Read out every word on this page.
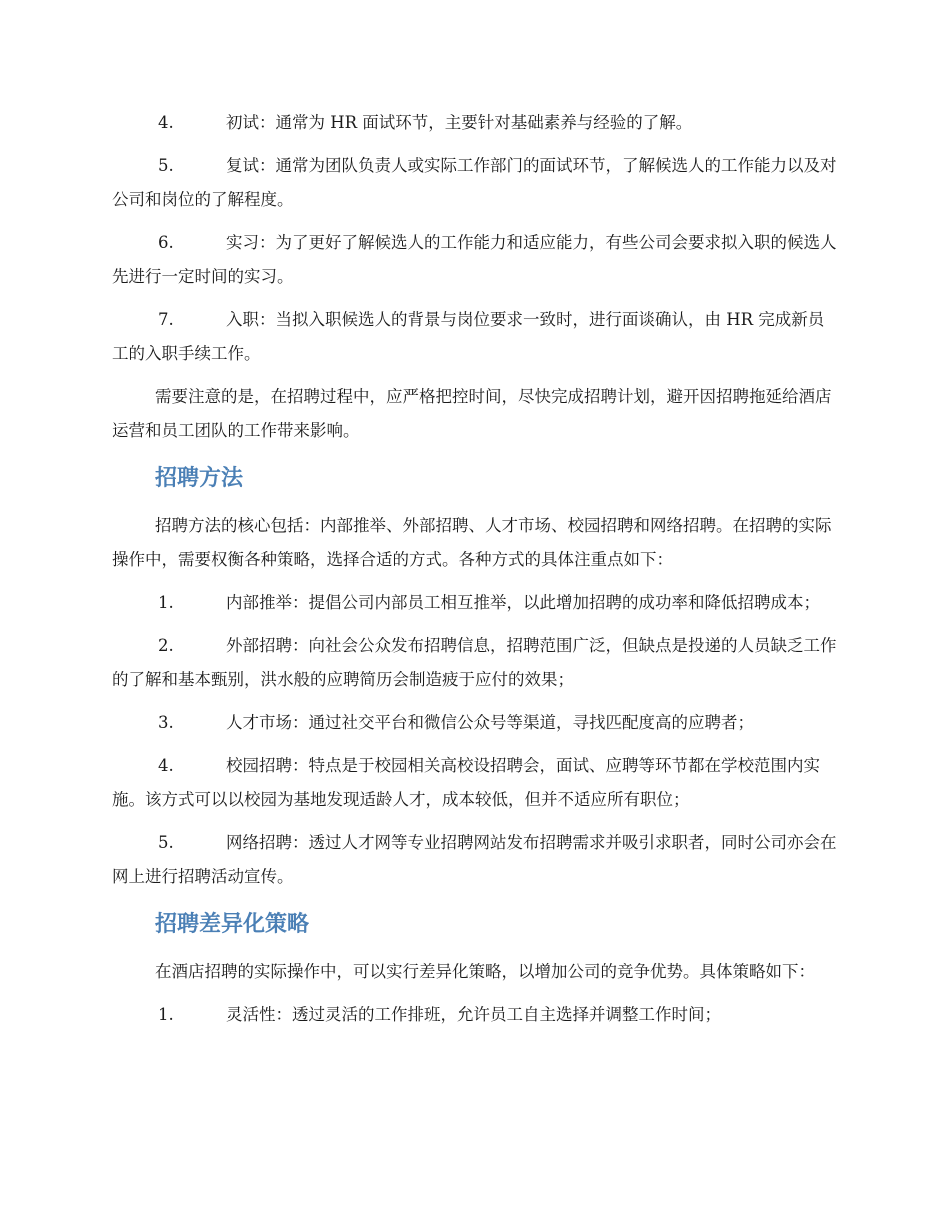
4.	初试：通常为 HR 面试环节，主要针对基础素养与经验的了解。

5.	复试：通常为团队负责人或实际工作部门的面试环节，了解候选人的工作能力以及对公司和岗位的了解程度。

6.	实习：为了更好了解候选人的工作能力和适应能力，有些公司会要求拟入职的候选人先进行一定时间的实习。

7.	入职：当拟入职候选人的背景与岗位要求一致时，进行面谈确认，由 HR 完成新员工的入职手续工作。

需要注意的是，在招聘过程中，应严格把控时间，尽快完成招聘计划，避开因招聘拖延给酒店运营和员工团队的工作带来影响。

招聘方法

招聘方法的核心包括：内部推举、外部招聘、人才市场、校园招聘和网络招聘。在招聘的实际操作中，需要权衡各种策略，选择合适的方式。各种方式的具体注重点如下：

1.	内部推举：提倡公司内部员工相互推举，以此增加招聘的成功率和降低招聘成本；

2.	外部招聘：向社会公众发布招聘信息，招聘范围广泛，但缺点是投递的人员缺乏工作的了解和基本甄别，洪水般的应聘简历会制造疲于应付的效果；

3.	人才市场：通过社交平台和微信公众号等渠道，寻找匹配度高的应聘者；

4.	校园招聘：特点是于校园相关高校设招聘会，面试、应聘等环节都在学校范围内实施。该方式可以以校园为基地发现适龄人才，成本较低，但并不适应所有职位；

5.	网络招聘：透过人才网等专业招聘网站发布招聘需求并吸引求职者，同时公司亦会在网上进行招聘活动宣传。

招聘差异化策略

在酒店招聘的实际操作中，可以实行差异化策略，以增加公司的竞争优势。具体策略如下：

1.	灵活性：透过灵活的工作排班，允许员工自主选择并调整工作时间；
